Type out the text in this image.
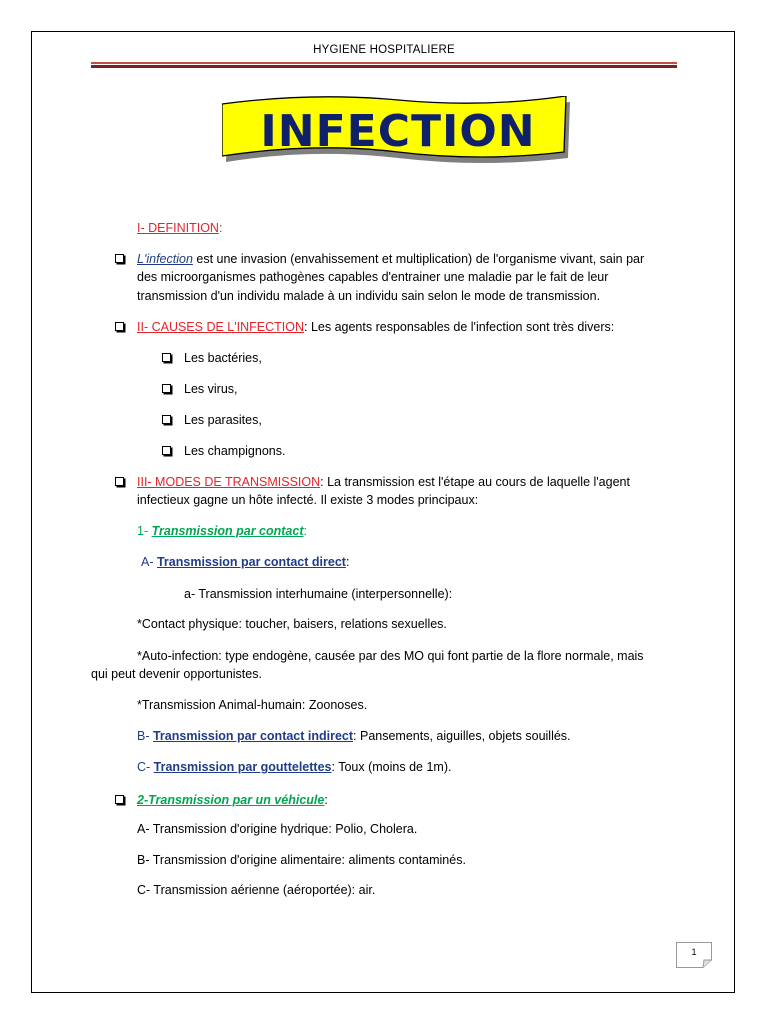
HYGIENE HOSPITALIERE
INFECTION
I- DEFINITION:
L'infection est une invasion (envahissement et multiplication) de l'organisme vivant, sain par
des microorganismes pathogènes capables d'entrainer une maladie par le fait de leur
transmission d'un individu malade à un individu sain selon le mode de transmission.
II- CAUSES DE L'INFECTION: Les agents responsables de l'infection sont très divers:
Les bactéries,
Les virus,
Les parasites,
Les champignons.
III- MODES DE TRANSMISSION: La transmission est l'étape au cours de laquelle l'agent
infectieux gagne un hôte infecté. Il existe 3 modes principaux:
1- Transmission par contact:
A- Transmission par contact direct:
a- Transmission interhumaine (interpersonnelle):
*Contact physique: toucher, baisers, relations sexuelles.
*Auto-infection: type endogène, causée par des MO qui font partie de la flore normale, mais
qui peut devenir opportunistes.
*Transmission Animal-humain: Zoonoses.
B- Transmission par contact indirect: Pansements, aiguilles, objets souillés.
C- Transmission par gouttelettes: Toux (moins de 1m).
2-Transmission par un véhicule:
A- Transmission d'origine hydrique: Polio, Cholera.
B- Transmission d'origine alimentaire: aliments contaminés.
C- Transmission aérienne (aéroportée): air.
1
